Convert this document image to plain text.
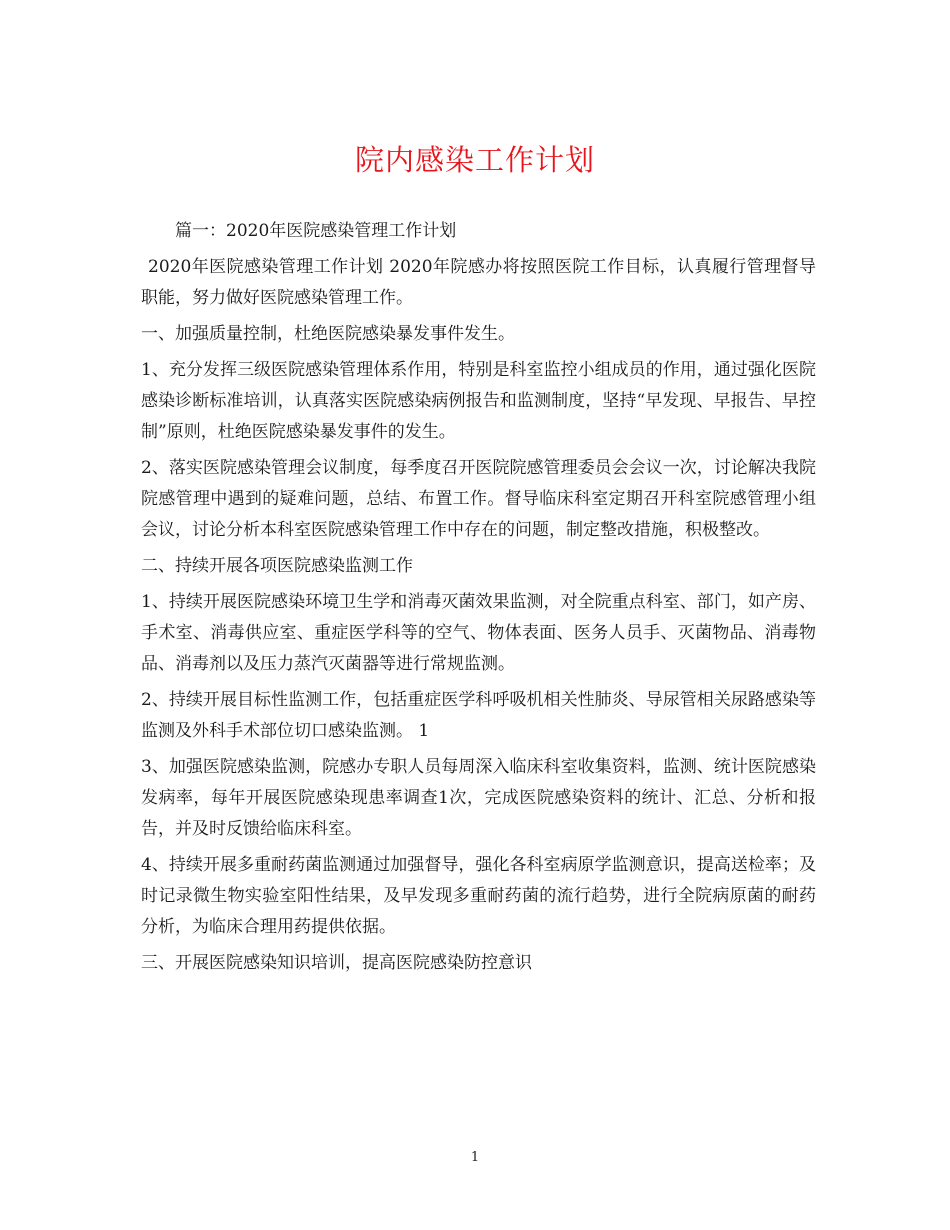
院内感染工作计划

篇一：2020年医院感染管理工作计划

2020年医院感染管理工作计划 2020年院感办将按照医院工作目标，认真履行管理督导职能，努力做好医院感染管理工作。

一、加强质量控制，杜绝医院感染暴发事件发生。

1、充分发挥三级医院感染管理体系作用，特别是科室监控小组成员的作用，通过强化医院感染诊断标准培训，认真落实医院感染病例报告和监测制度，坚持“早发现、早报告、早控制”原则，杜绝医院感染暴发事件的发生。

2、落实医院感染管理会议制度，每季度召开医院院感管理委员会会议一次，讨论解决我院院感管理中遇到的疑难问题，总结、布置工作。督导临床科室定期召开科室院感管理小组会议，讨论分析本科室医院感染管理工作中存在的问题，制定整改措施，积极整改。

二、持续开展各项医院感染监测工作

1、持续开展医院感染环境卫生学和消毒灭菌效果监测，对全院重点科室、部门，如产房、手术室、消毒供应室、重症医学科等的空气、物体表面、医务人员手、灭菌物品、消毒物品、消毒剂以及压力蒸汽灭菌器等进行常规监测。

2、持续开展目标性监测工作，包括重症医学科呼吸机相关性肺炎、导尿管相关尿路感染等监测及外科手术部位切口感染监测。 1

3、加强医院感染监测，院感办专职人员每周深入临床科室收集资料，监测、统计医院感染发病率，每年开展医院感染现患率调查1次，完成医院感染资料的统计、汇总、分析和报告，并及时反馈给临床科室。

4、持续开展多重耐药菌监测通过加强督导，强化各科室病原学监测意识，提高送检率；及时记录微生物实验室阳性结果，及早发现多重耐药菌的流行趋势，进行全院病原菌的耐药分析，为临床合理用药提供依据。

三、开展医院感染知识培训，提高医院感染防控意识

1
